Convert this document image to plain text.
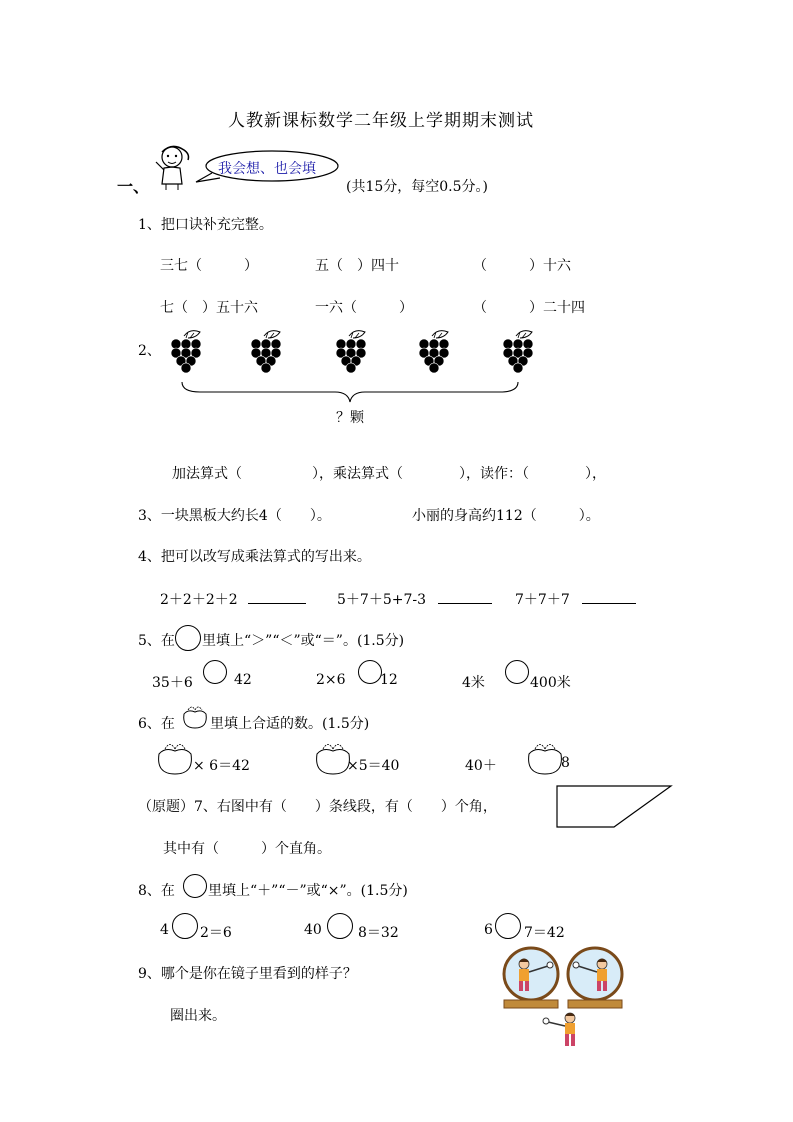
人教新课标数学二年级上学期期末测试
一、
我会想、也会填
(共15分，每空0.5分。)
1、把口诀补充完整。
三七（　　　）	五（　）四十	（　　　）十六
七（　）五十六	一六（　　　）	（　　　）二十四
2、
？颗
加法算式（　　　　　），乘法算式（　　　　），读作：（　　　　），
3、一块黑板大约长4（　　）。	小丽的身高约112（　　　）。
4、把可以改写成乘法算式的写出来。
2＋2＋2＋2	5＋7＋5+7-3	7＋7＋7
5、在 里填上“＞”“＜”或“＝”。(1.5分)
35＋6	42	2×6 12	4米	400米
6、在	里填上合适的数。(1.5分)
× 6＝42	×5＝40	40＋	8
（原题）7、右图中有（　　）条线段，有（　　）个角，
其中有（　　　）个直角。
8、在 里填上“＋”“－”或“×”。(1.5分)
4 2＝6	40	8＝32	6 7＝42
9、哪个是你在镜子里看到的样子？
圈出来。
